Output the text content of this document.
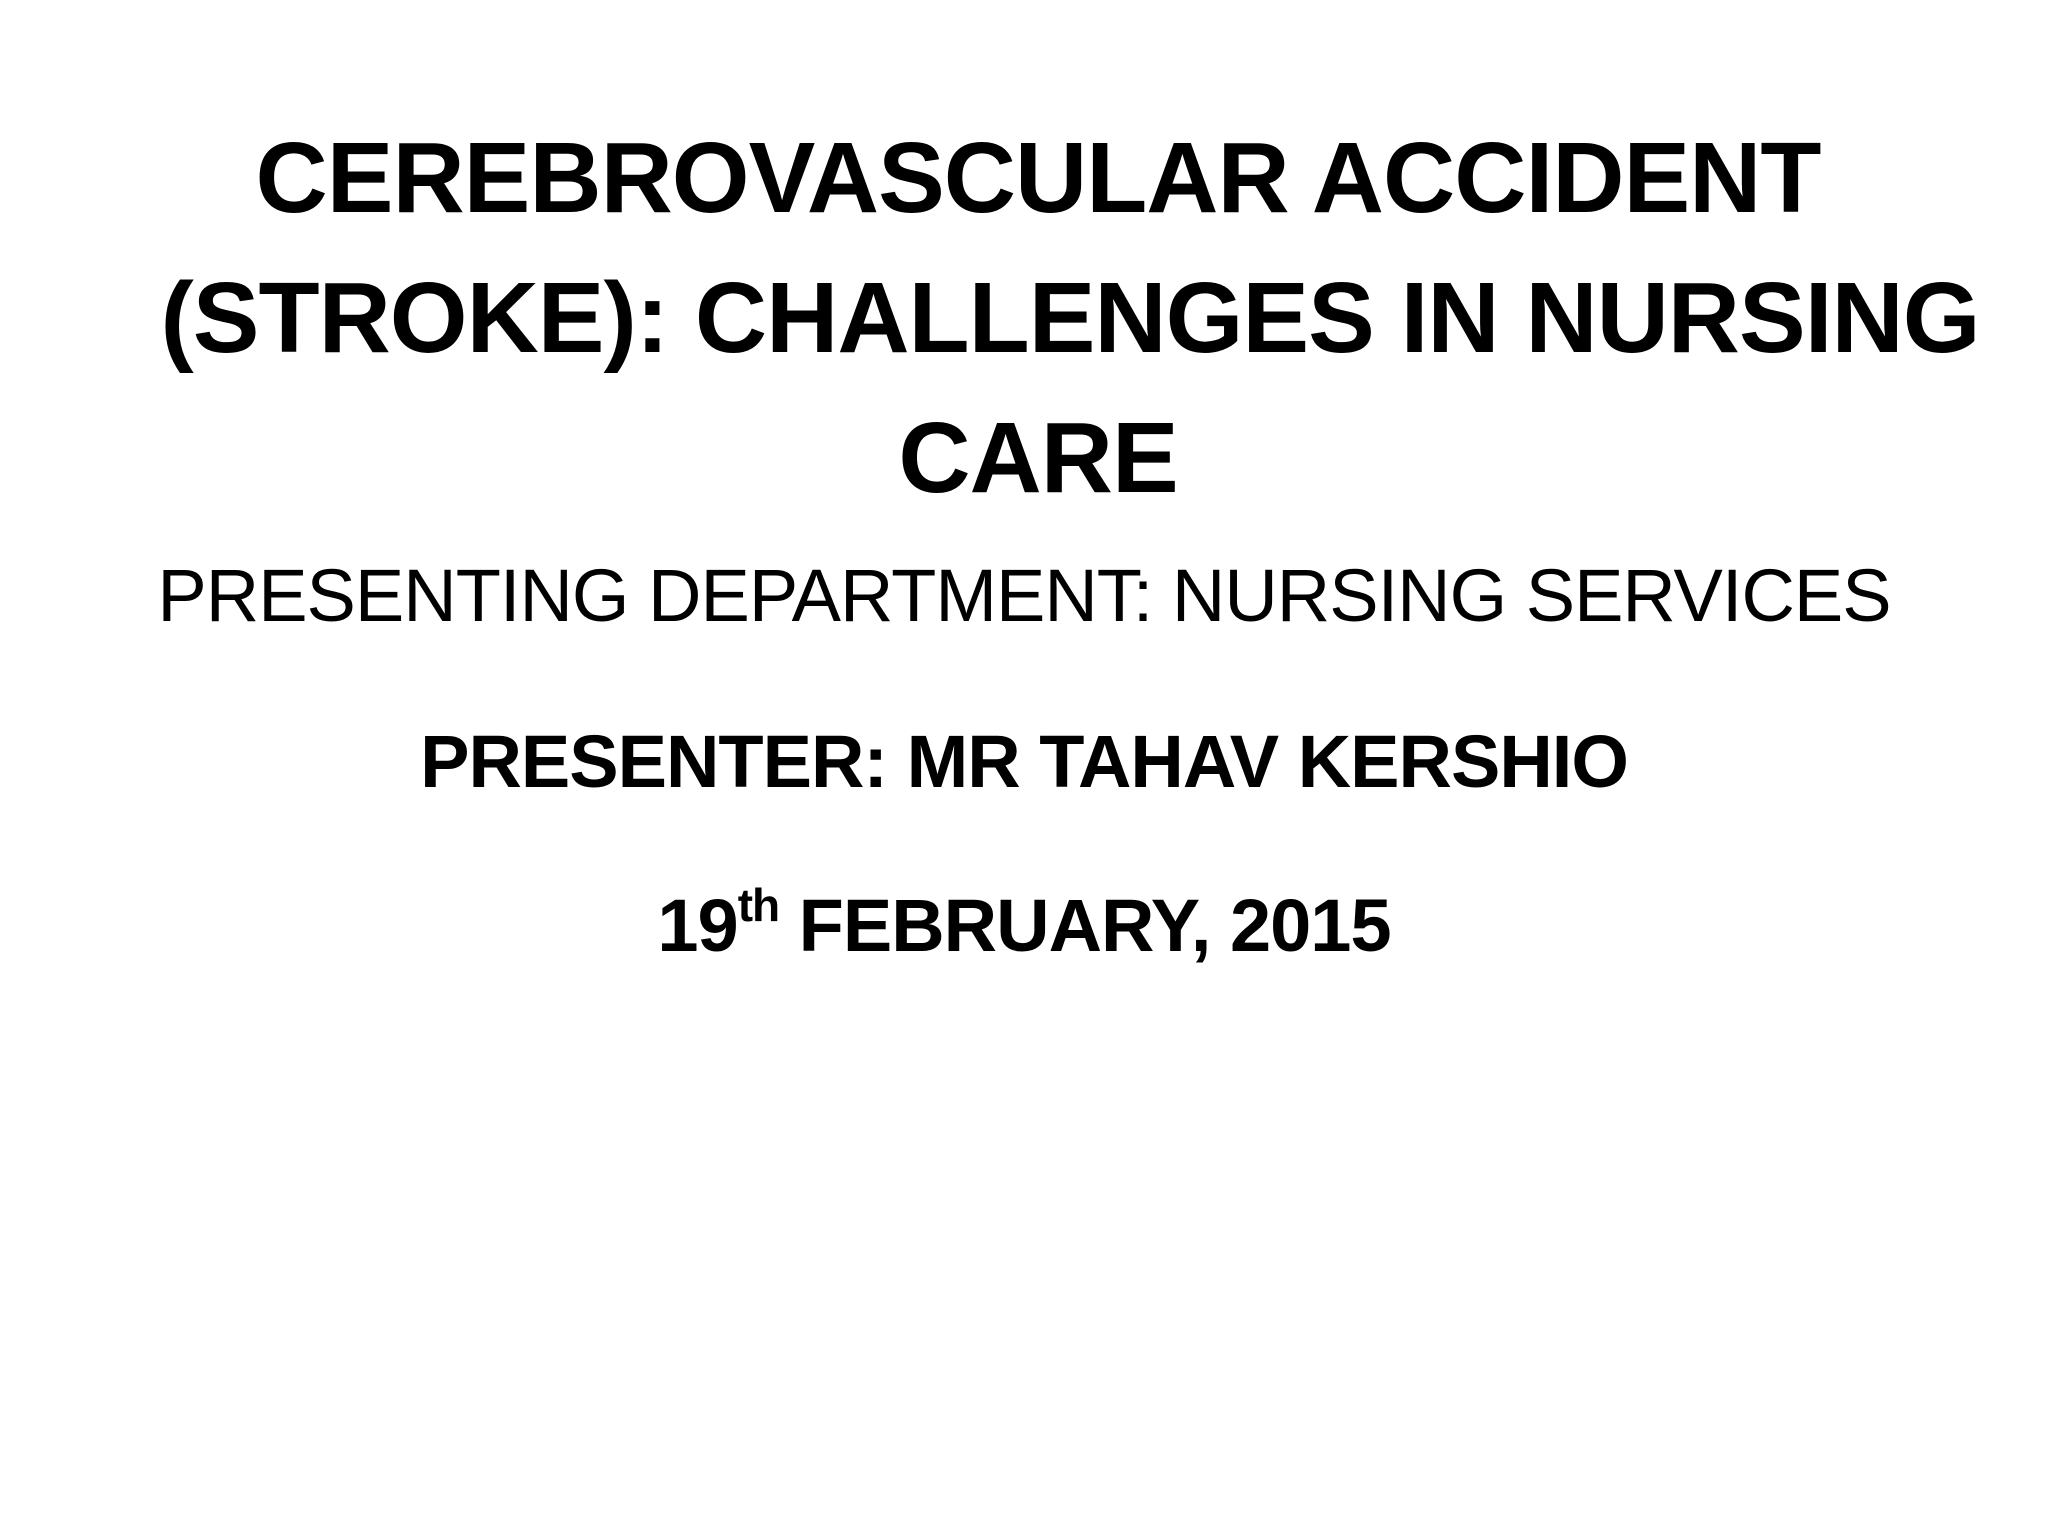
CEREBROVASCULAR ACCIDENT
(STROKE): CHALLENGES IN NURSING
CARE
PRESENTING DEPARTMENT: NURSING SERVICES
PRESENTER: MR TAHAV KERSHIO
19th FEBRUARY, 2015
